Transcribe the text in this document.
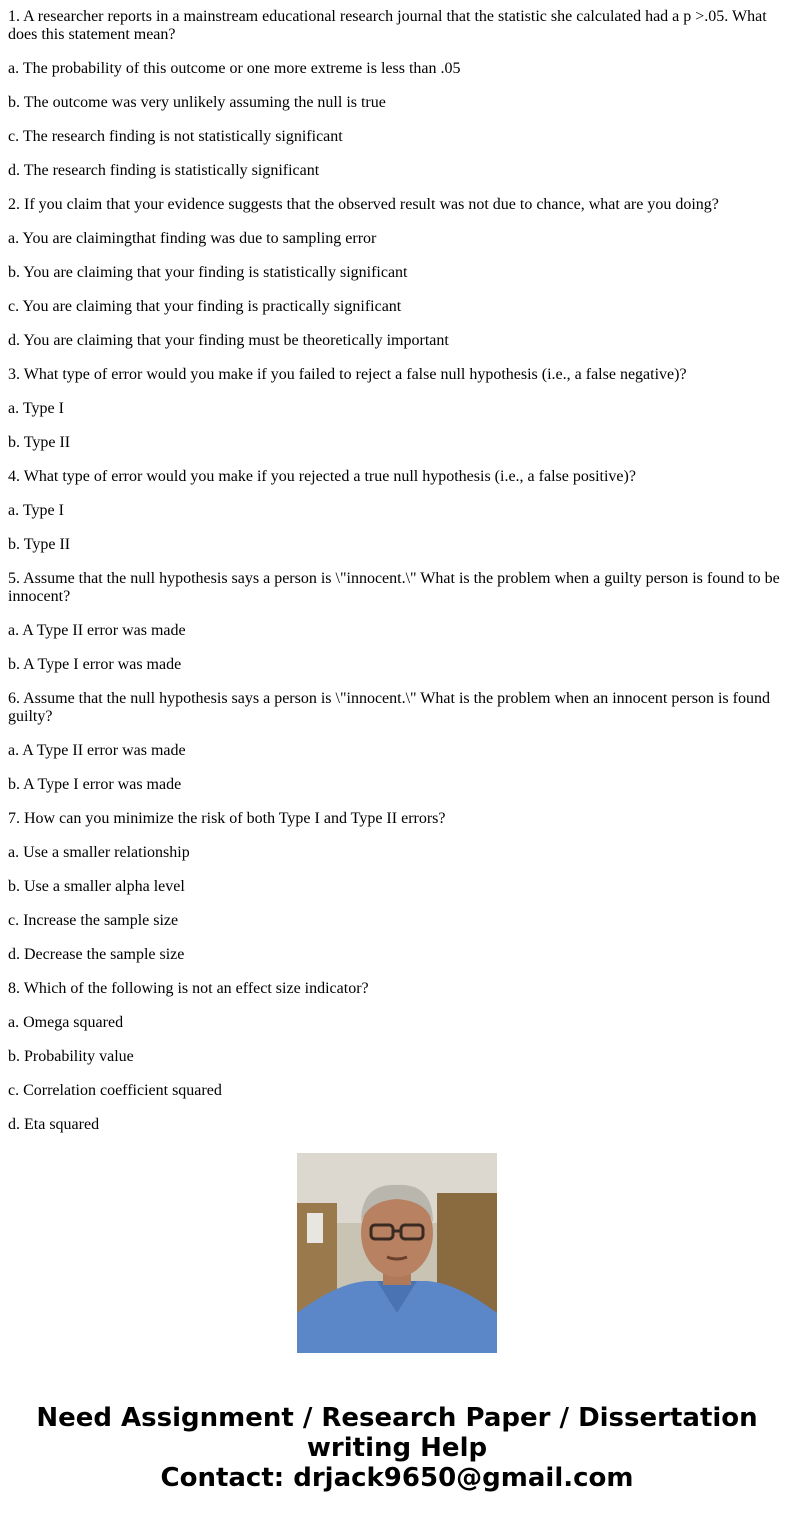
1. A researcher reports in a mainstream educational research journal that the statistic she calculated had a p >.05. What does this statement mean?

a. The probability of this outcome or one more extreme is less than .05

b. The outcome was very unlikely assuming the null is true

c. The research finding is not statistically significant

d. The research finding is statistically significant

2. If you claim that your evidence suggests that the observed result was not due to chance, what are you doing?

a. You are claimingthat finding was due to sampling error

b. You are claiming that your finding is statistically significant

c. You are claiming that your finding is practically significant

d. You are claiming that your finding must be theoretically important

3. What type of error would you make if you failed to reject a false null hypothesis (i.e., a false negative)?

a. Type I

b. Type II

4. What type of error would you make if you rejected a true null hypothesis (i.e., a false positive)?

a. Type I

b. Type II

5. Assume that the null hypothesis says a person is \"innocent.\" What is the problem when a guilty person is found to be innocent?

a. A Type II error was made

b. A Type I error was made

6. Assume that the null hypothesis says a person is \"innocent.\" What is the problem when an innocent person is found guilty?

a. A Type II error was made

b. A Type I error was made

7. How can you minimize the risk of both Type I and Type II errors?

a. Use a smaller relationship

b. Use a smaller alpha level

c. Increase the sample size

d. Decrease the sample size

8. Which of the following is not an effect size indicator?

a. Omega squared

b. Probability value

c. Correlation coefficient squared

d. Eta squared

Need Assignment / Research Paper / Dissertation
writing Help
Contact: drjack9650@gmail.com
